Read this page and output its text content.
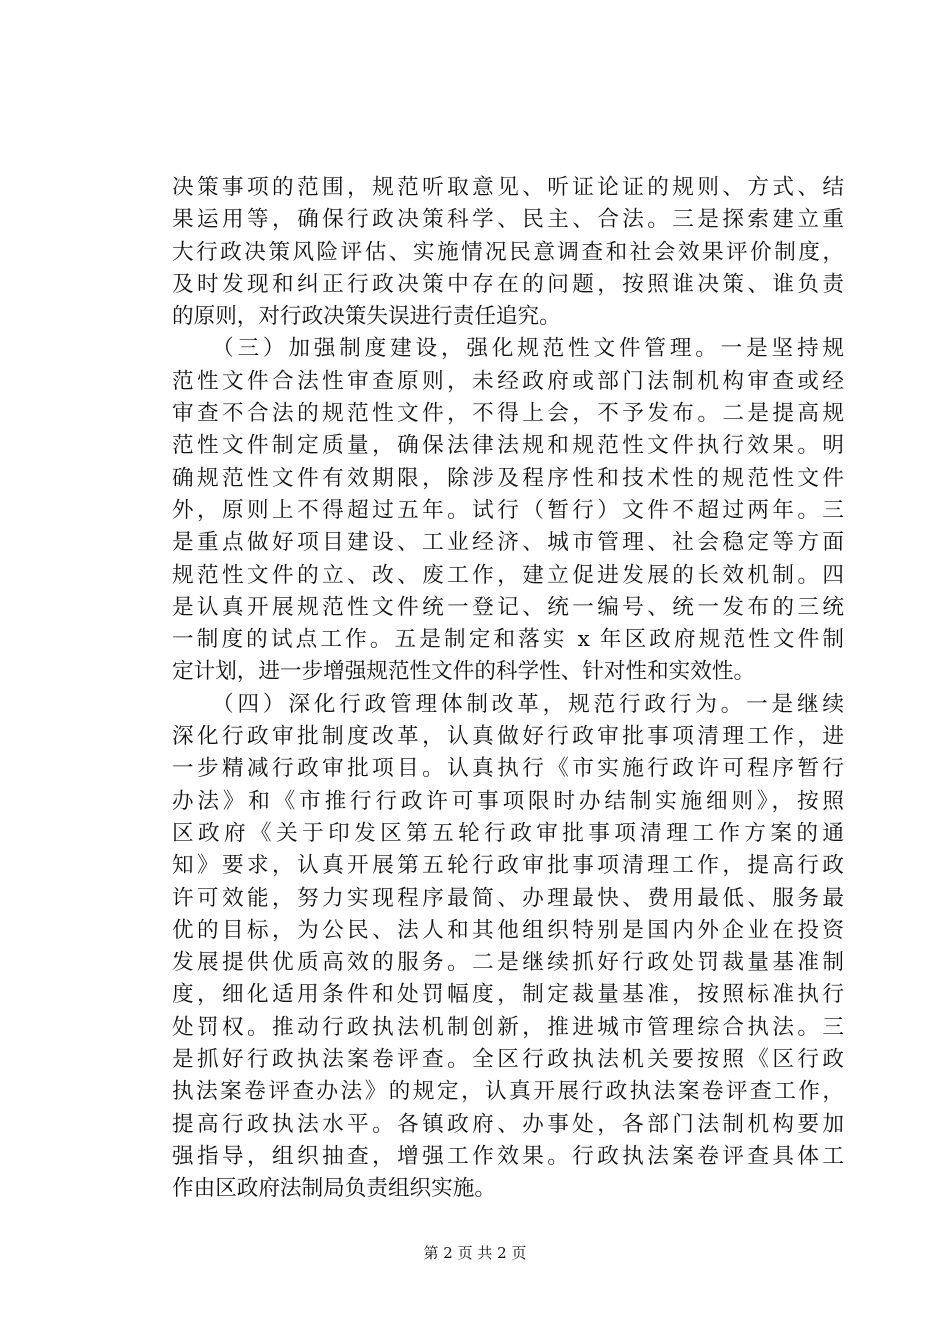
决策事项的范围，规范听取意见、听证论证的规则、方式、结
果运用等，确保行政决策科学、民主、合法。三是探索建立重
大行政决策风险评估、实施情况民意调查和社会效果评价制度，
及时发现和纠正行政决策中存在的问题，按照谁决策、谁负责
的原则，对行政决策失误进行责任追究。
　　（三）加强制度建设，强化规范性文件管理。一是坚持规
范性文件合法性审查原则，未经政府或部门法制机构审查或经
审查不合法的规范性文件，不得上会，不予发布。二是提高规
范性文件制定质量，确保法律法规和规范性文件执行效果。明
确规范性文件有效期限，除涉及程序性和技术性的规范性文件
外，原则上不得超过五年。试行（暂行）文件不超过两年。三
是重点做好项目建设、工业经济、城市管理、社会稳定等方面
规范性文件的立、改、废工作，建立促进发展的长效机制。四
是认真开展规范性文件统一登记、统一编号、统一发布的三统
一制度的试点工作。五是制定和落实 x 年区政府规范性文件制
定计划，进一步增强规范性文件的科学性、针对性和实效性。
　　（四）深化行政管理体制改革，规范行政行为。一是继续
深化行政审批制度改革，认真做好行政审批事项清理工作，进
一步精减行政审批项目。认真执行《市实施行政许可程序暂行
办法》和《市推行行政许可事项限时办结制实施细则》，按照
区政府《关于印发区第五轮行政审批事项清理工作方案的通
知》要求，认真开展第五轮行政审批事项清理工作，提高行政
许可效能，努力实现程序最简、办理最快、费用最低、服务最
优的目标，为公民、法人和其他组织特别是国内外企业在投资
发展提供优质高效的服务。二是继续抓好行政处罚裁量基准制
度，细化适用条件和处罚幅度，制定裁量基准，按照标准执行
处罚权。推动行政执法机制创新，推进城市管理综合执法。三
是抓好行政执法案卷评查。全区行政执法机关要按照《区行政
执法案卷评查办法》的规定，认真开展行政执法案卷评查工作，
提高行政执法水平。各镇政府、办事处，各部门法制机构要加
强指导，组织抽查，增强工作效果。行政执法案卷评查具体工
作由区政府法制局负责组织实施。
第 2 页 共 2 页
